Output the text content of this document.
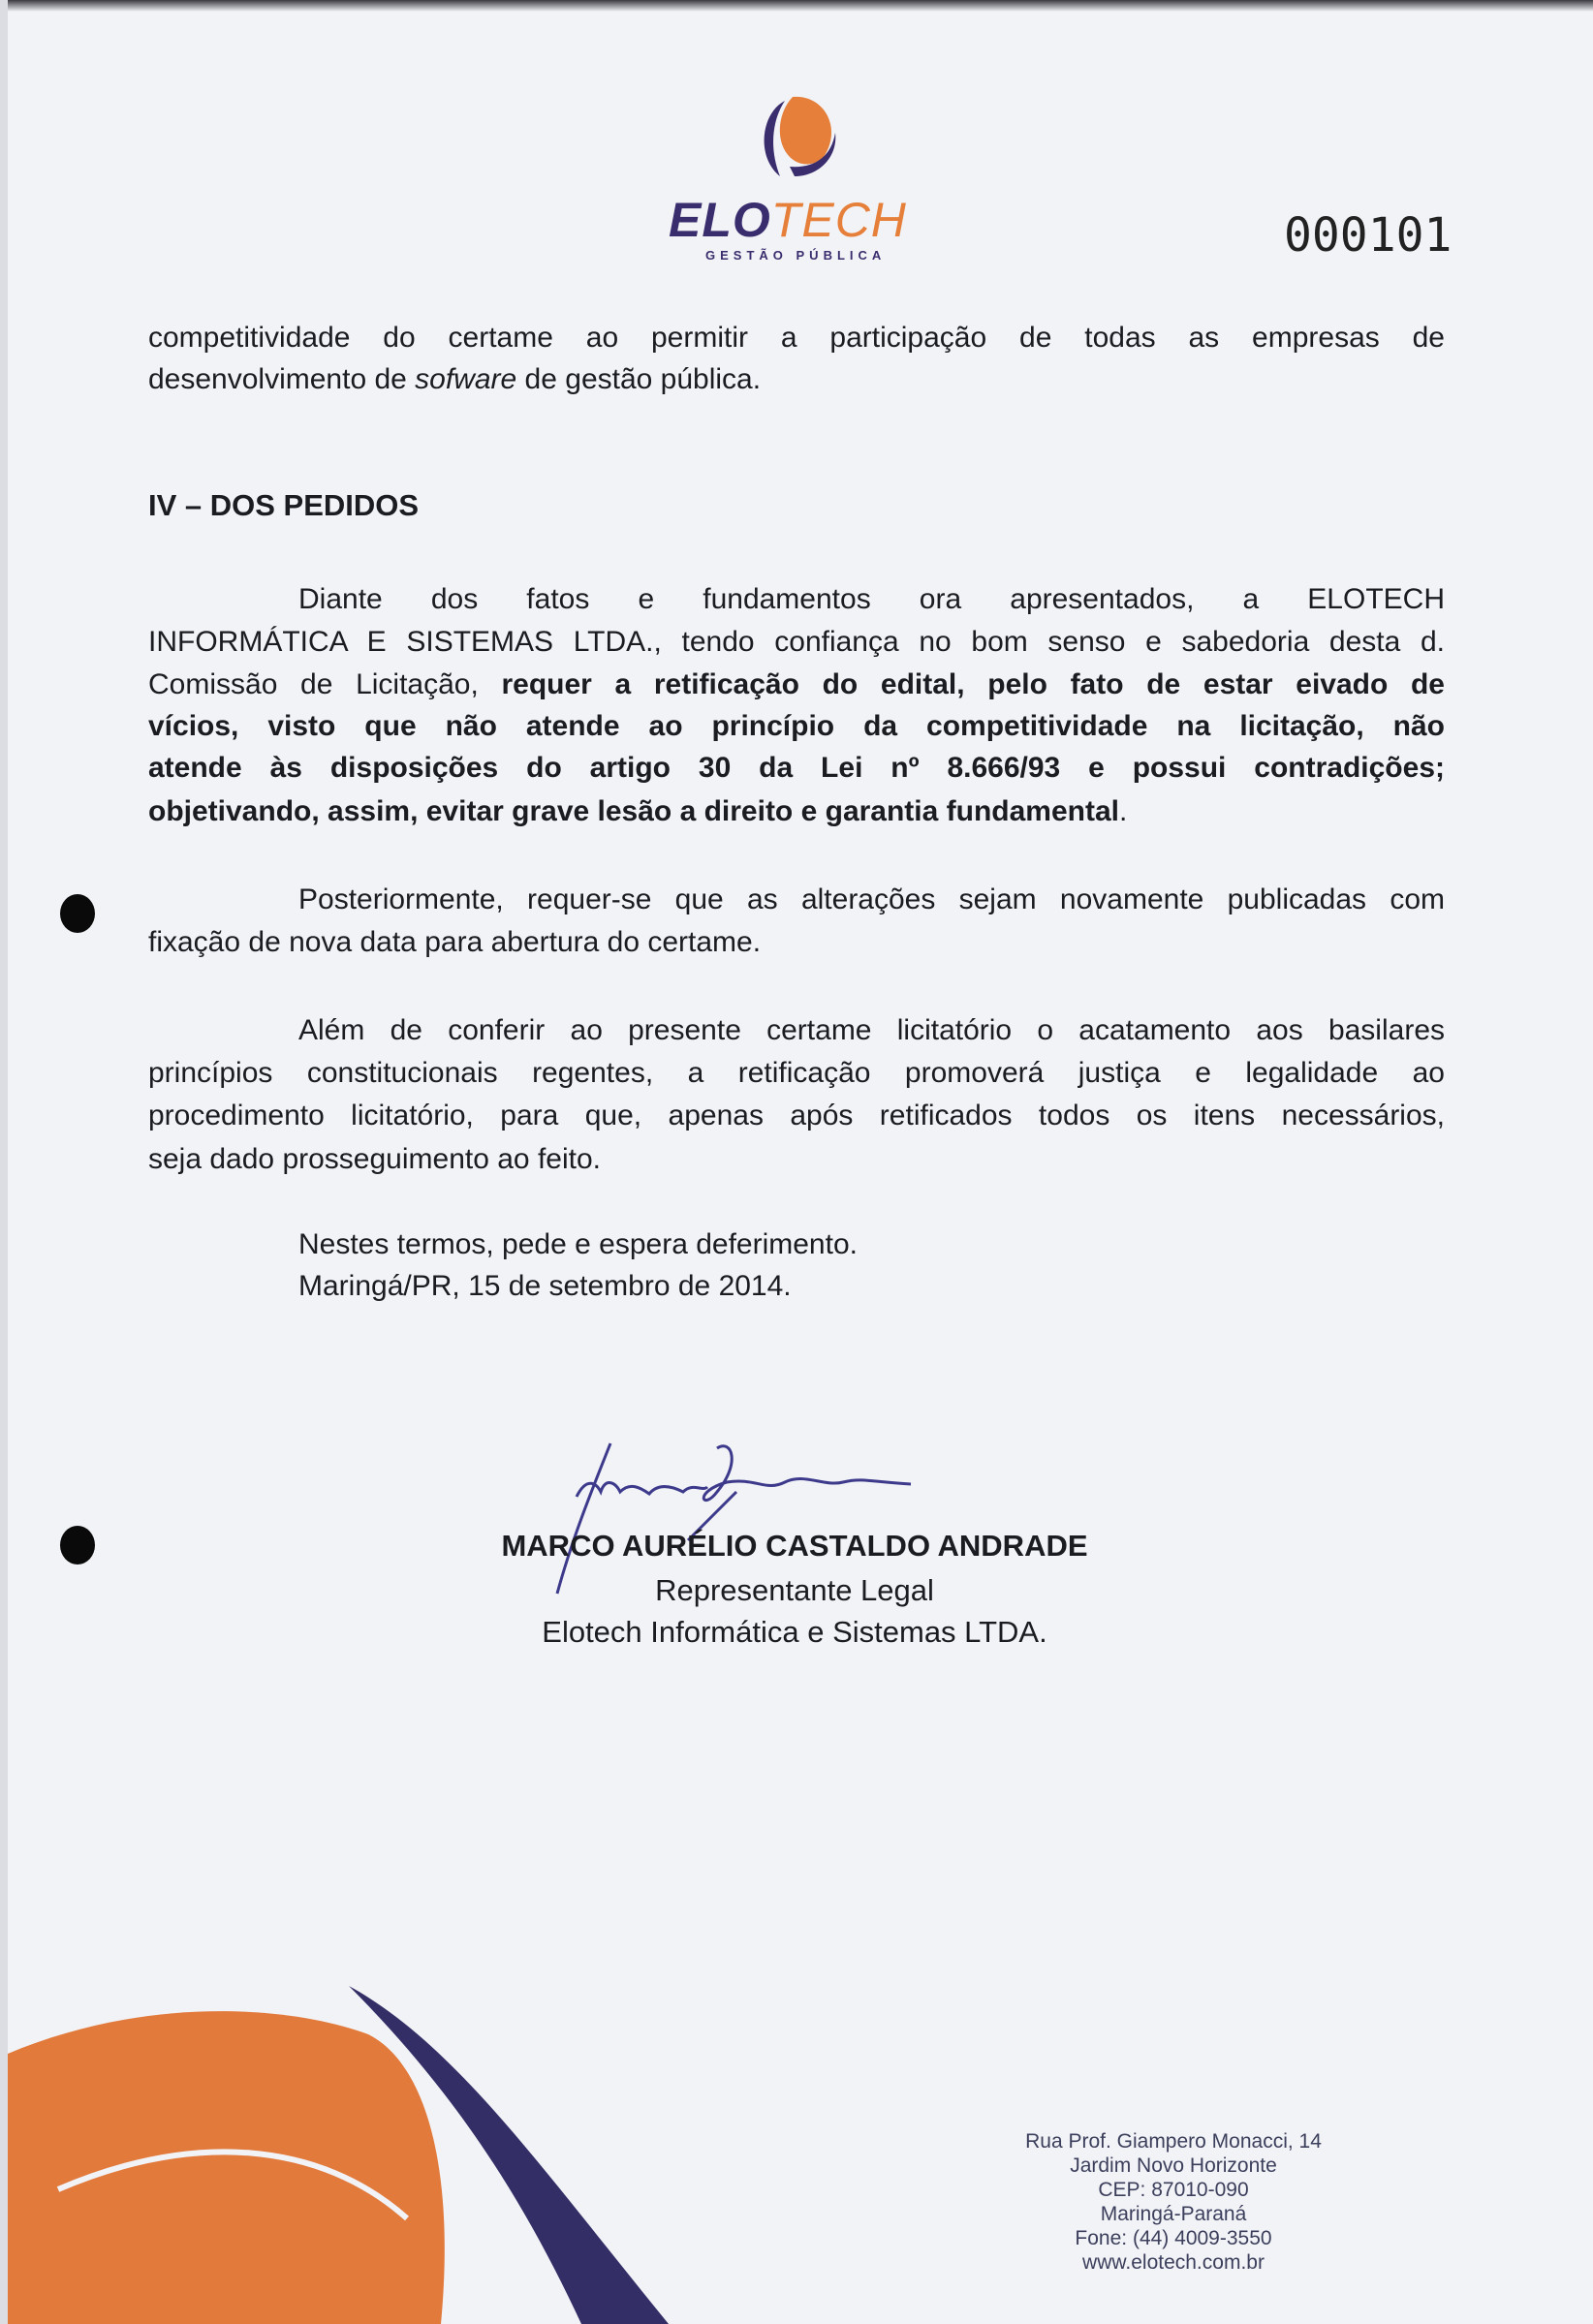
ELOTECH
GESTÃO PÚBLICA	000101
competitividade do certame ao permitir a participação de todas as empresas de
desenvolvimento de sofware de gestão pública.
IV – DOS PEDIDOS
Diante dos fatos e fundamentos ora apresentados, a ELOTECH
INFORMÁTICA E SISTEMAS LTDA., tendo confiança no bom senso e sabedoria desta d.
Comissão de Licitação, requer a retificação do edital, pelo fato de estar eivado de
vícios, visto que não atende ao princípio da competitividade na licitação, não
atende às disposições do artigo 30 da Lei nº 8.666/93 e possui contradições;
objetivando, assim, evitar grave lesão a direito e garantia fundamental.
Posteriormente, requer-se que as alterações sejam novamente publicadas com
fixação de nova data para abertura do certame.
Além de conferir ao presente certame licitatório o acatamento aos basilares
princípios constitucionais regentes, a retificação promoverá justiça e legalidade ao
procedimento licitatório, para que, apenas após retificados todos os itens necessários,
seja dado prosseguimento ao feito.
Nestes termos, pede e espera deferimento.
Maringá/PR, 15 de setembro de 2014.
MARCO AURÉLIO CASTALDO ANDRADE
Representante Legal
Elotech Informática e Sistemas LTDA.
Rua Prof. Giampero Monacci, 14
Jardim Novo Horizonte
CEP: 87010-090
Maringá-Paraná
Fone: (44) 4009-3550
www.elotech.com.br
